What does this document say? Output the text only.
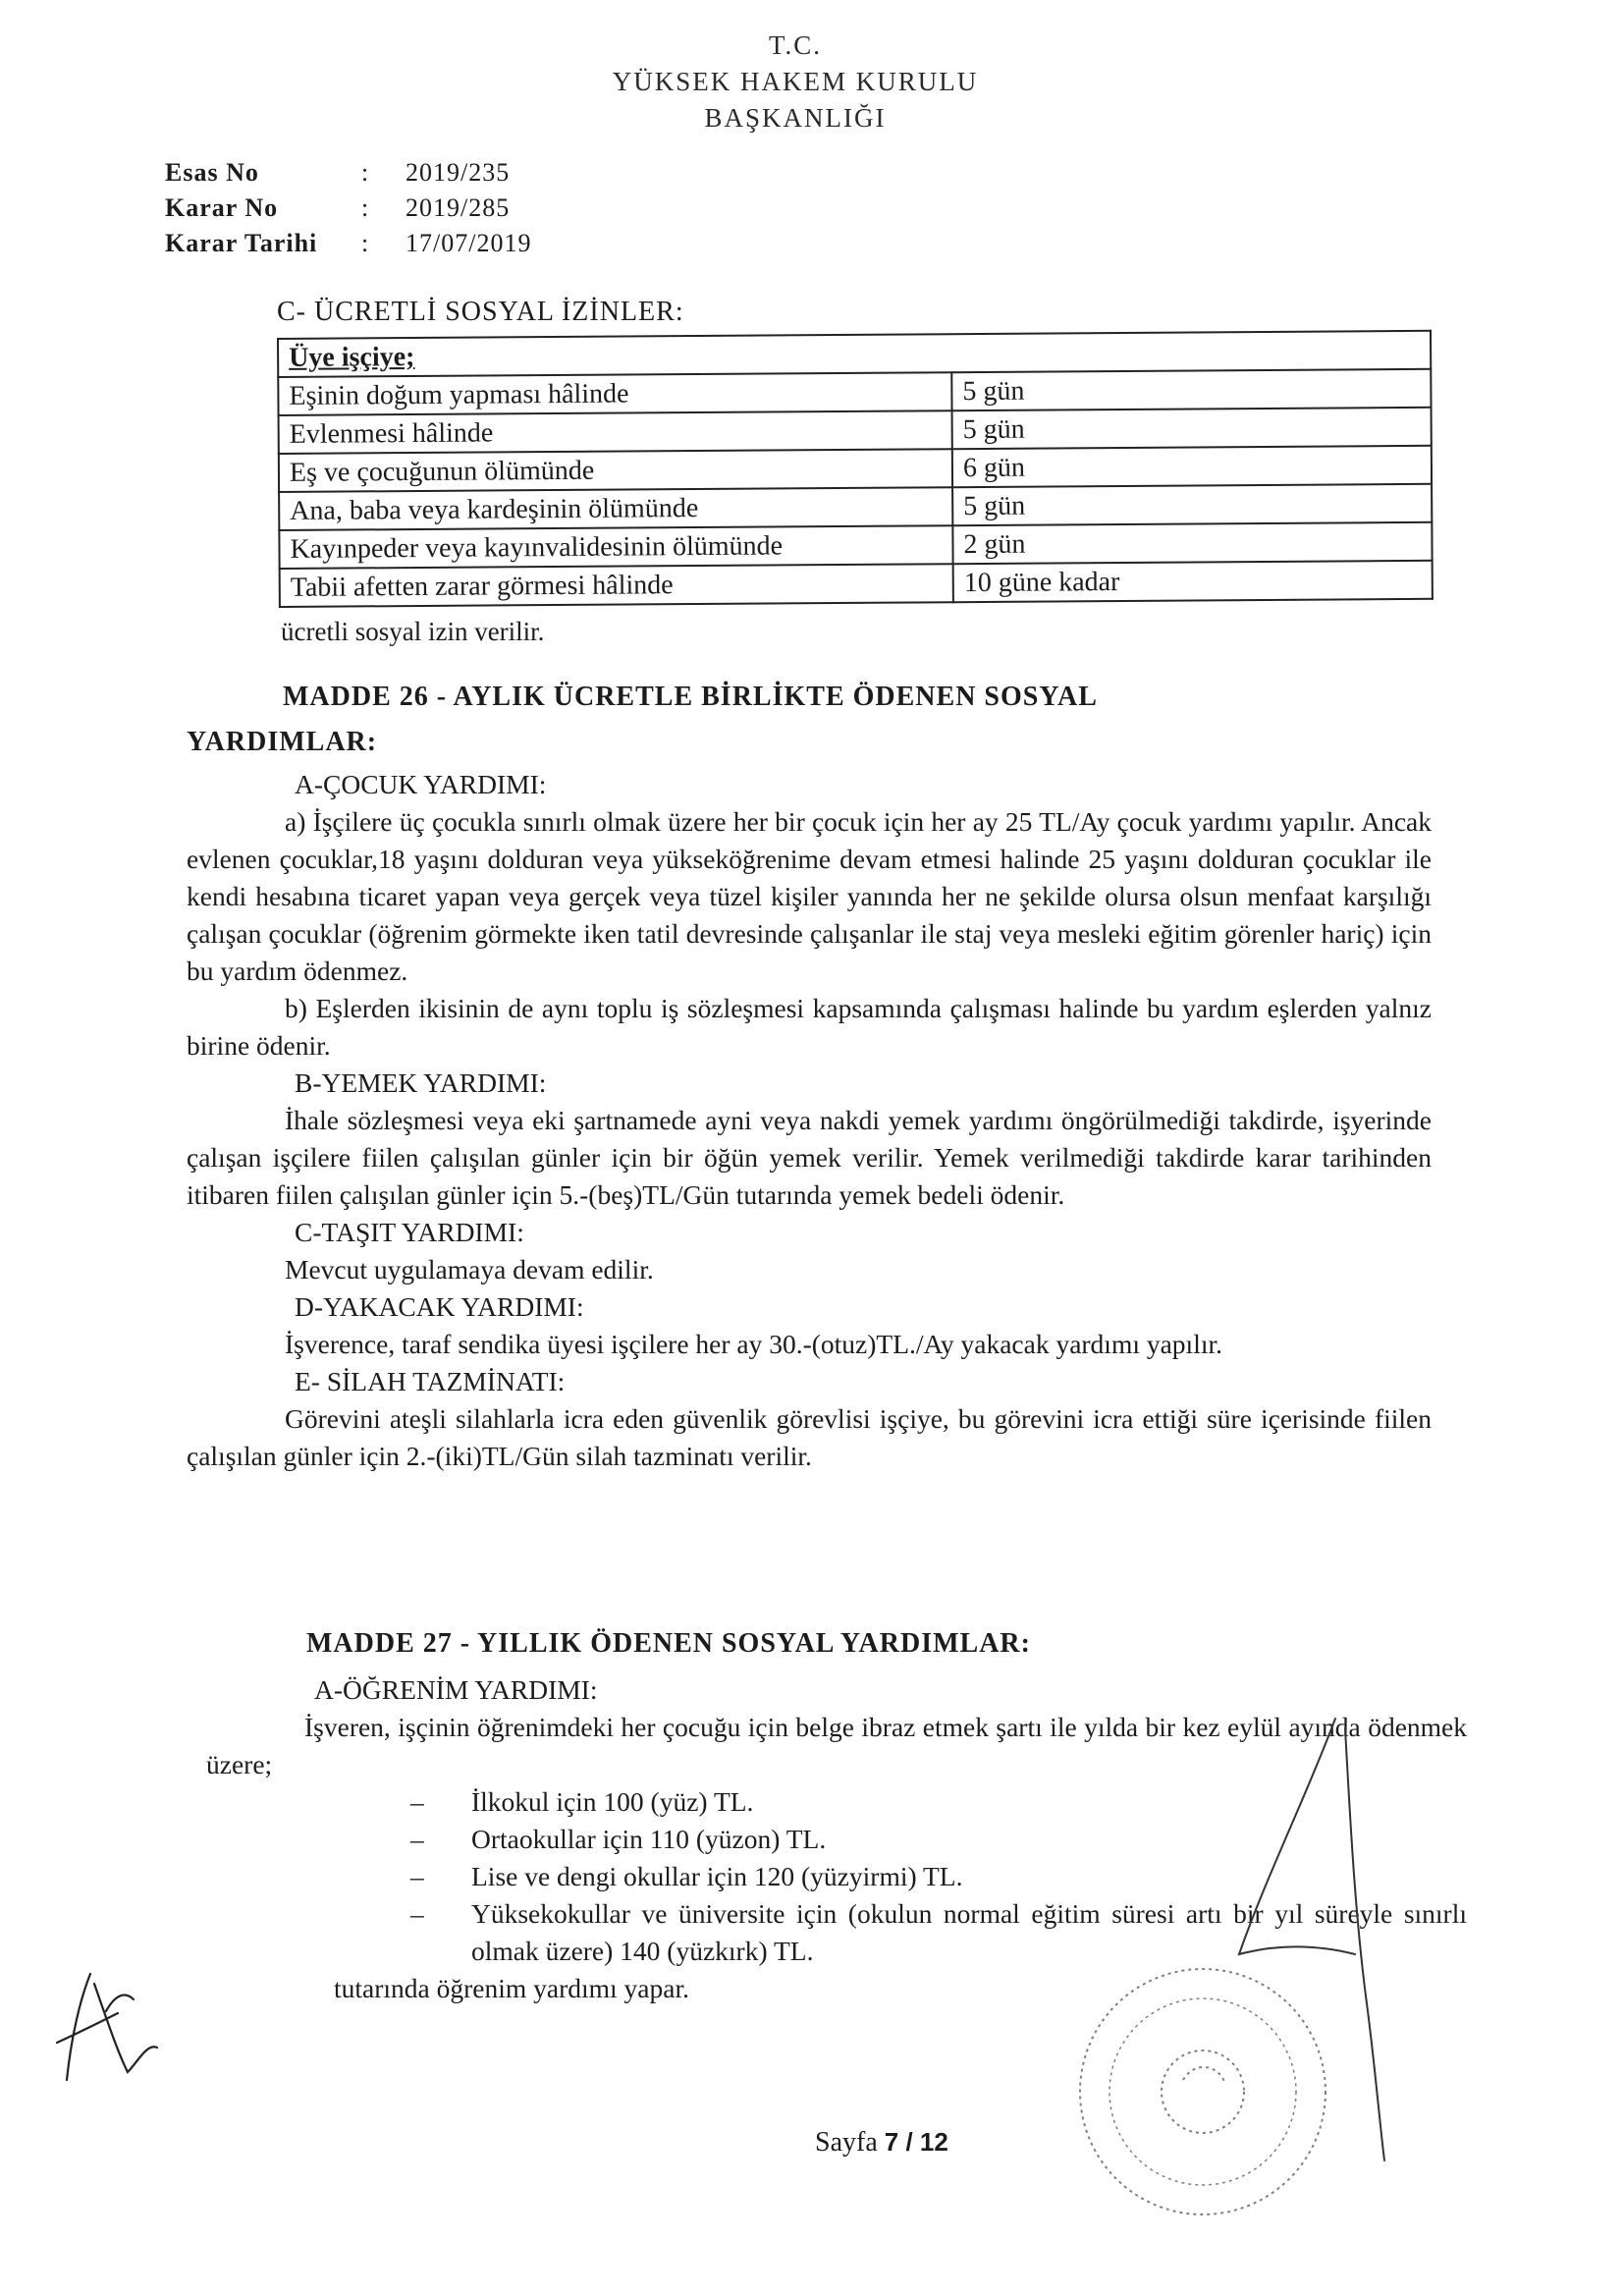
T.C.
YÜKSEK HAKEM KURULU
BAŞKANLIĞI
Esas No	:	2019/235
Karar No	:	2019/285
Karar Tarihi	:	17/07/2019
C- ÜCRETLİ SOSYAL İZİNLER:
Üye işçiye;	
Eşinin doğum yapması hâlinde	5 gün
Evlenmesi hâlinde	5 gün
Eş ve çocuğunun ölümünde	6 gün
Ana, baba veya kardeşinin ölümünde	5 gün
Kayınpeder veya kayınvalidesinin ölümünde	2 gün
Tabii afetten zarar görmesi hâlinde	10 güne kadar
ücretli sosyal izin verilir.
MADDE 26 - AYLIK ÜCRETLE BİRLİKTE ÖDENEN SOSYAL
YARDIMLAR:

A-ÇOCUK YARDIMI:

a) İşçilere üç çocukla sınırlı olmak üzere her bir çocuk için her ay 25 TL/Ay çocuk yardımı yapılır. Ancak evlenen çocuklar,18 yaşını dolduran veya yükseköğrenime devam etmesi halinde 25 yaşını dolduran çocuklar ile kendi hesabına ticaret yapan veya gerçek veya tüzel kişiler yanında her ne şekilde olursa olsun menfaat karşılığı çalışan çocuklar (öğrenim görmekte iken tatil devresinde çalışanlar ile staj veya mesleki eğitim görenler hariç) için bu yardım ödenmez.

b) Eşlerden ikisinin de aynı toplu iş sözleşmesi kapsamında çalışması halinde bu yardım eşlerden yalnız birine ödenir.

B-YEMEK YARDIMI:

İhale sözleşmesi veya eki şartnamede ayni veya nakdi yemek yardımı öngörülmediği takdirde, işyerinde çalışan işçilere fiilen çalışılan günler için bir öğün yemek verilir. Yemek verilmediği takdirde karar tarihinden itibaren fiilen çalışılan günler için 5.-(beş)TL/Gün tutarında yemek bedeli ödenir.

C-TAŞIT YARDIMI:

Mevcut uygulamaya devam edilir.

D-YAKACAK YARDIMI:

İşverence, taraf sendika üyesi işçilere her ay 30.-(otuz)TL./Ay yakacak yardımı yapılır.

E- SİLAH TAZMİNATI:

Görevini ateşli silahlarla icra eden güvenlik görevlisi işçiye, bu görevini icra ettiği süre içerisinde fiilen çalışılan günler için 2.-(iki)TL/Gün silah tazminatı verilir.

MADDE 27 - YILLIK ÖDENEN SOSYAL YARDIMLAR:

A-ÖĞRENİM YARDIMI:

İşveren, işçinin öğrenimdeki her çocuğu için belge ibraz etmek şartı ile yılda bir kez eylül ayında ödenmek üzere;

– İlkokul için 100 (yüz) TL.
– Ortaokullar için 110 (yüzon) TL.
– Lise ve dengi okullar için 120 (yüzyirmi) TL.
– Yüksekokullar ve üniversite için (okulun normal eğitim süresi artı bir yıl süreyle sınırlı olmak üzere) 140 (yüzkırk) TL.

tutarında öğrenim yardımı yapar.

Sayfa 7 / 12
